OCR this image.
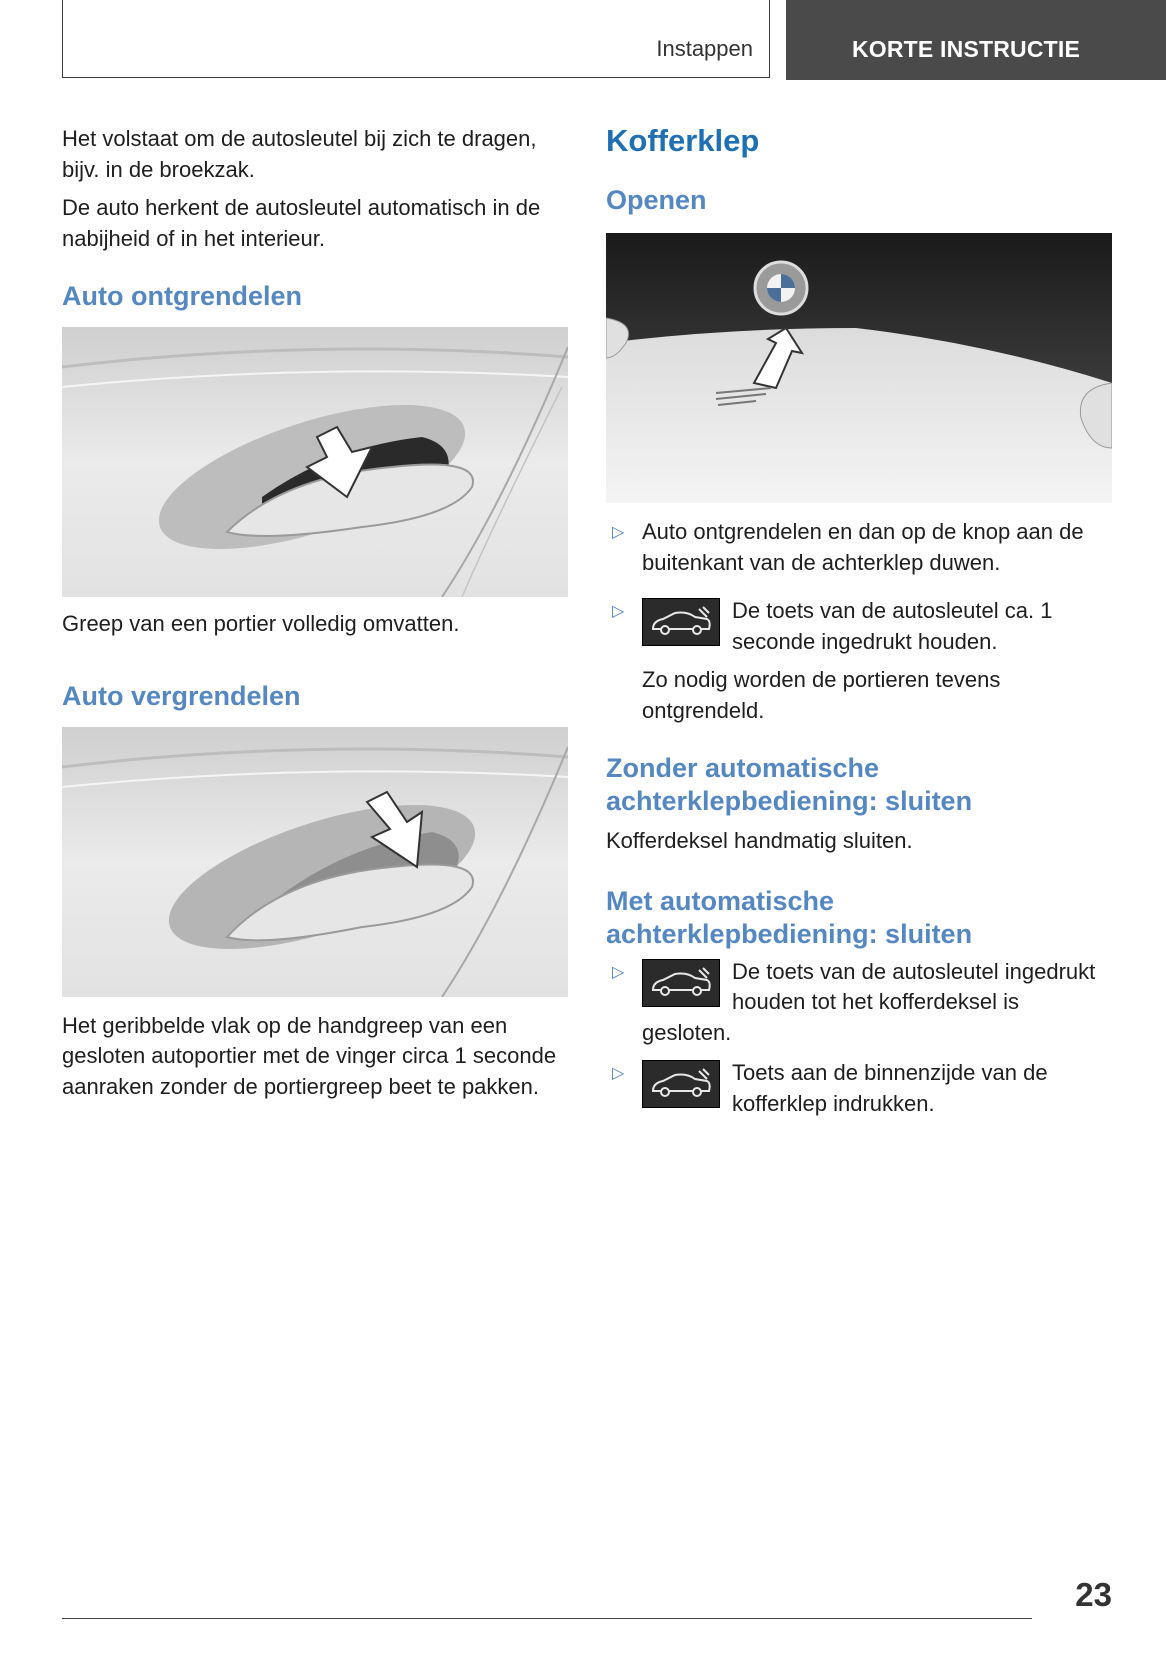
Instappen	KORTE INSTRUCTIE

Het volstaat om de autosleutel bij zich te dragen, bijv. in de broekzak.

De auto herkent de autosleutel automatisch in de nabijheid of in het interieur.

Auto ontgrendelen

Greep van een portier volledig omvatten.

Auto vergrendelen

Het geribbelde vlak op de handgreep van een gesloten autoportier met de vinger circa 1 seconde aanraken zonder de portiergreep beet te pakken.

Kofferklep
Openen
▷ Auto ontgrendelen en dan op de knop aan de buitenkant van de achterklep duwen.
▷	De toets van de autosleutel ca. 1 seconde ingedrukt houden.

Zo nodig worden de portieren tevens ontgrendeld.

Zonder automatische achterklepbediening: sluiten

Kofferdeksel handmatig sluiten.

Met automatische achterklepbediening: sluiten
▷	De toets van de autosleutel ingedrukt houden tot het kofferdeksel is gesloten.
▷	Toets aan de binnenzijde van de kofferklep indrukken.
23
